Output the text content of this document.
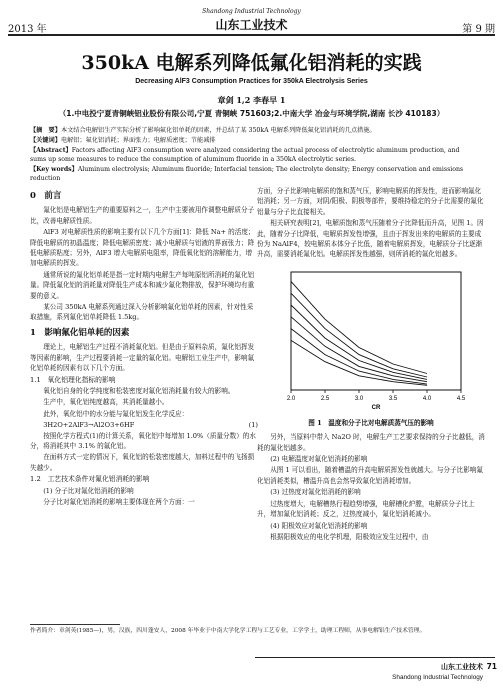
2013 年
Shandong Industrial Technology
山东工业技术	第 9 期
350kA 电解系列降低氟化铝消耗的实践
Decreasing AlF3 Consumption Practices for 350kA Electrolysis Series
章剑 1,2 李春早 1
（1.中电投宁夏青铜峡铝业股份有限公司,宁夏 青铜峡 751603;2.中南大学 冶金与环境学院,湖南 长沙 410183）
【摘　要】本文结合电解铝生产实际分析了影响氟化铝单耗的因素，并总结了某 350kA 电解系列降低氟化铝消耗的几点措施。
【关键词】电解铝；氟化铝消耗；界面张力；电解质密度；节能减排
【Abstract】Factors affecting AlF3 consumption were analyzed considering the actual process of electrolytic aluminum production, and sums up some measures to reduce the consumption of aluminum fluoride in a 350kA electrolytic series.
【Key words】Aluminum electrolysis; Aluminum fluoride; Interfacial tension; The electrolyte density; Energy conservation and emissions reduction
0　前言

氟化铝是电解铝生产的重要原料之一，生产中主要被用作调整电解质分子比，改善电解质性质。

AlF3 对电解质性质的影响主要有以下几个方面[1]：降低 Na+ 的活度；降低电解质的初晶温度；降低电解质密度；减小电解质与铝液的界面张力；降低电解质粘度；另外，AlF3 增大电解质电阻率，降低氧化铝的溶解能力，增加电解质的挥发。

通常所说的氟化铝单耗是指一定时期内电解生产每吨原铝所消耗的氟化铝量。降低氟化铝的消耗量对降低生产成本和减少氟化物排放，保护环境均有重要的意义。

某公司 350kA 电解系列通过深入分析影响氟化铝单耗的因素，针对性采取措施，系列氟化铝单耗降低 1.5kg。

1　影响氟化铝单耗的因素

理论上，电解铝生产过程不消耗氟化铝。但是由于原料杂质，氟化铝挥发等因素的影响，生产过程要消耗一定量的氟化铝。电解铝工业生产中，影响氟化铝单耗的因素有以下几个方面。

1.1　氧化铝理化指标的影响

氧化铝自身的化学纯度和松装密度对氟化铝消耗量有较大的影响。

生产中，氧化铝纯度越高，其消耗量越小。

此外，氧化铝中的水分能与氟化铝发生化学反应：

3H2O+2AlF3→Al2O3+6HF	(1)

按照化学方程式(1)的计算关系，氧化铝中每增加 1.0%（质量分数）的水分，将消耗其中 3.1% 的氟化铝。

在面料方式一定的情况下，氧化铝的松装密度越大，加料过程中的飞扬损失越少。

1.2　工艺技术条件对氟化铝消耗的影响

(1) 分子比对氟化铝消耗的影响

分子比对氟化铝消耗的影响主要体现在两个方面：一

方面，分子比影响电解质的饱和蒸气压，影响电解质的挥发性，进而影响氟化铝消耗；另一方面，对阴/阳极、阴极等部件，要维持稳定的分子比需要的氟化铝量与分子比直接相关。

相关研究表明[2]，电解质饱和蒸气压随着分子比降低而升高，见图 1。因此，随着分子比降低，电解质挥发性增强，且由于挥发出来的电解质的主要成份为 NaAlF4，较电解质本体分子比低，随着电解质挥发，电解质分子比逐渐升高，需要消耗氟化铝。电解质挥发性越强，则所消耗的氟化铝越多。

2.0	2.5	3.0	3.5	4.0	4.5
CR
图 1　温度和分子比对电解质蒸气压的影响

另外，当原料中带入 Na2O 时，电解生产工艺要求保持的分子比越低，消耗的氟化铝越多。

(2) 电解温度对氟化铝消耗的影响

从图 1 可以看出，随着槽温的升高电解质挥发性就越大。与分子比影响氟化铝消耗类似，槽温升高也会然导致氟化铝消耗增加。

(3) 过热度对氟化铝消耗的影响

过热度增大，电解槽热行程趋势增强，电解槽化炉膛，电解质分子比上升，增加氟化铝消耗；反之，过热度减小，氟化铝消耗减小。

(4) 阳极效应对氟化铝消耗的影响

根据阳极效应的电化学机理，阳极效应发生过程中，由

作者简介：章剑英(1985—)，男，汉族，四川蓬安人，2008 年毕业于中南大学化学工程与工艺专业，工学学士，助理工程师，从事电解铝生产技术管理。
山东工业技术
Shandong Industrial Technology
71
